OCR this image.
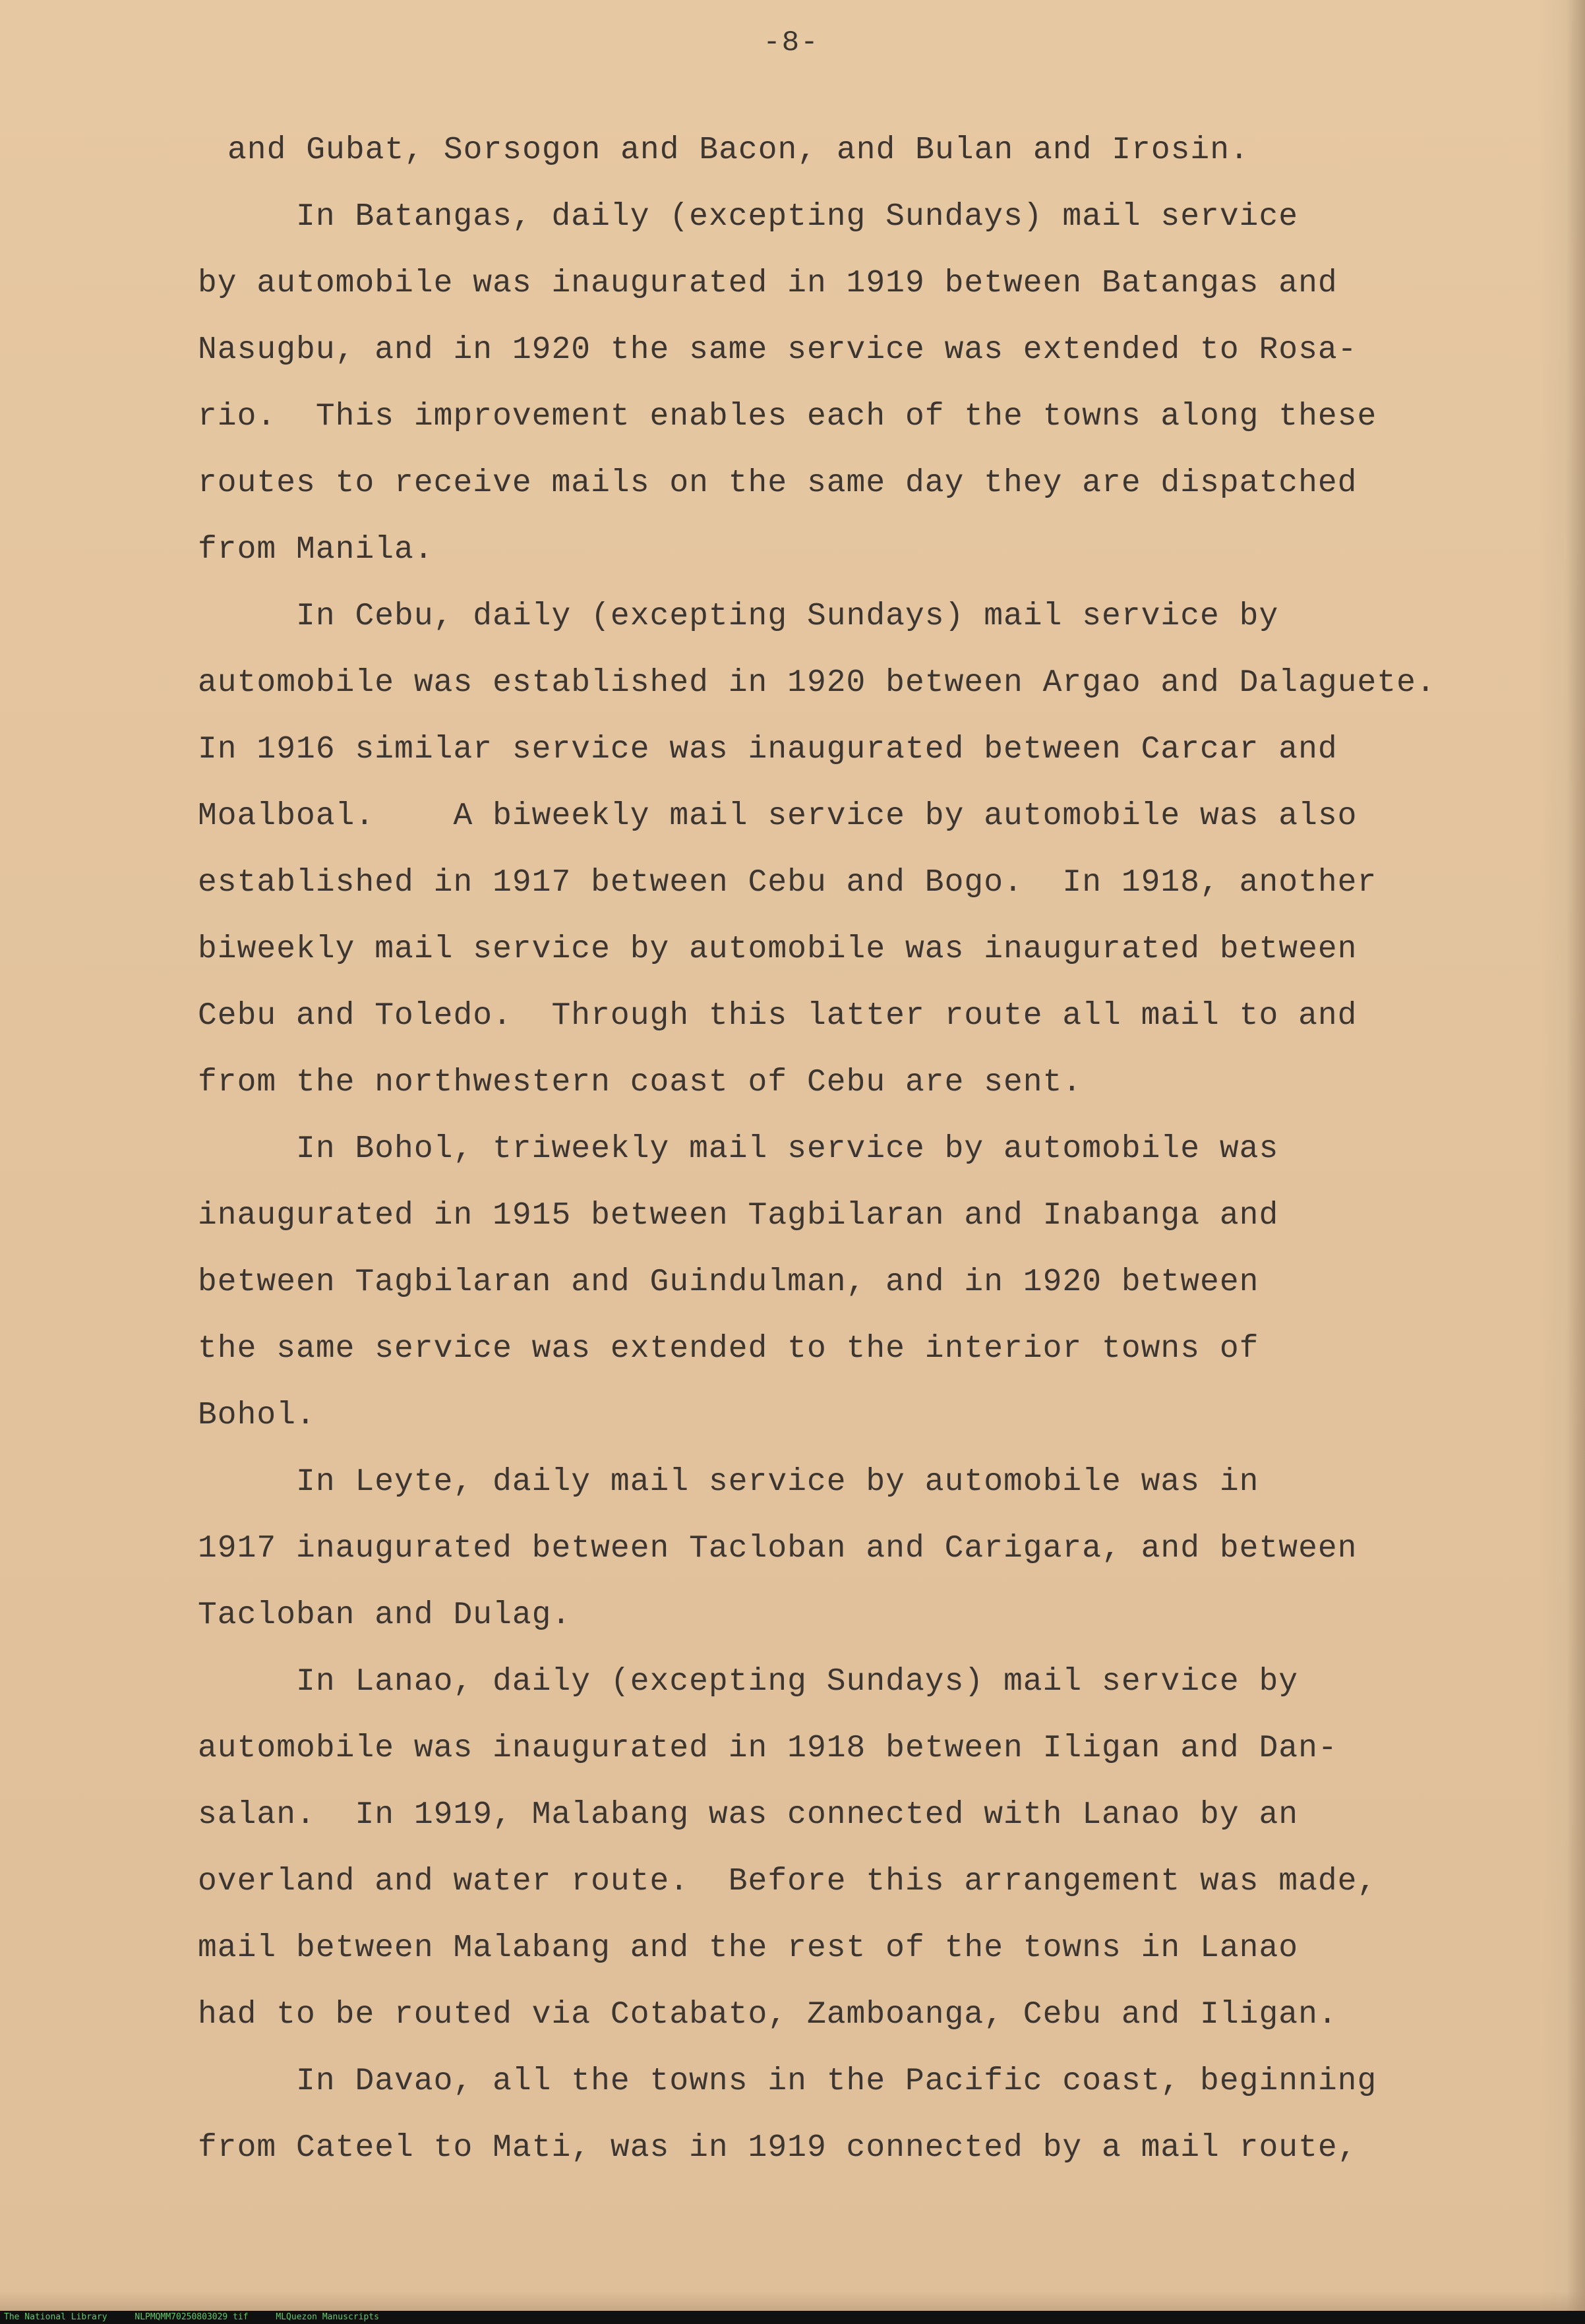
-8-
and Gubat, Sorsogon and Bacon, and Bulan and Irosin.
In Batangas, daily (excepting Sundays) mail service
by automobile was inaugurated in 1919 between Batangas and
Nasugbu, and in 1920 the same service was extended to Rosa-
rio.  This improvement enables each of the towns along these
routes to receive mails on the same day they are dispatched
from Manila.
In Cebu, daily (excepting Sundays) mail service by
automobile was established in 1920 between Argao and Dalaguete.
In 1916 similar service was inaugurated between Carcar and
Moalboal.    A biweekly mail service by automobile was also
established in 1917 between Cebu and Bogo.  In 1918, another
biweekly mail service by automobile was inaugurated between
Cebu and Toledo.  Through this latter route all mail to and
from the northwestern coast of Cebu are sent.
In Bohol, triweekly mail service by automobile was
inaugurated in 1915 between Tagbilaran and Inabanga and
between Tagbilaran and Guindulman, and in 1920 between
the same service was extended to the interior towns of
Bohol.
In Leyte, daily mail service by automobile was in
1917 inaugurated between Tacloban and Carigara, and between
Tacloban and Dulag.
In Lanao, daily (excepting Sundays) mail service by
automobile was inaugurated in 1918 between Iligan and Dan-
salan.  In 1919, Malabang was connected with Lanao by an
overland and water route.  Before this arrangement was made,
mail between Malabang and the rest of the towns in Lanao
had to be routed via Cotabato, Zamboanga, Cebu and Iligan.
In Davao, all the towns in the Pacific coast, beginning
from Cateel to Mati, was in 1919 connected by a mail route,
The National Library	NLPMQMM70250803029 tif	MLQuezon Manuscripts
